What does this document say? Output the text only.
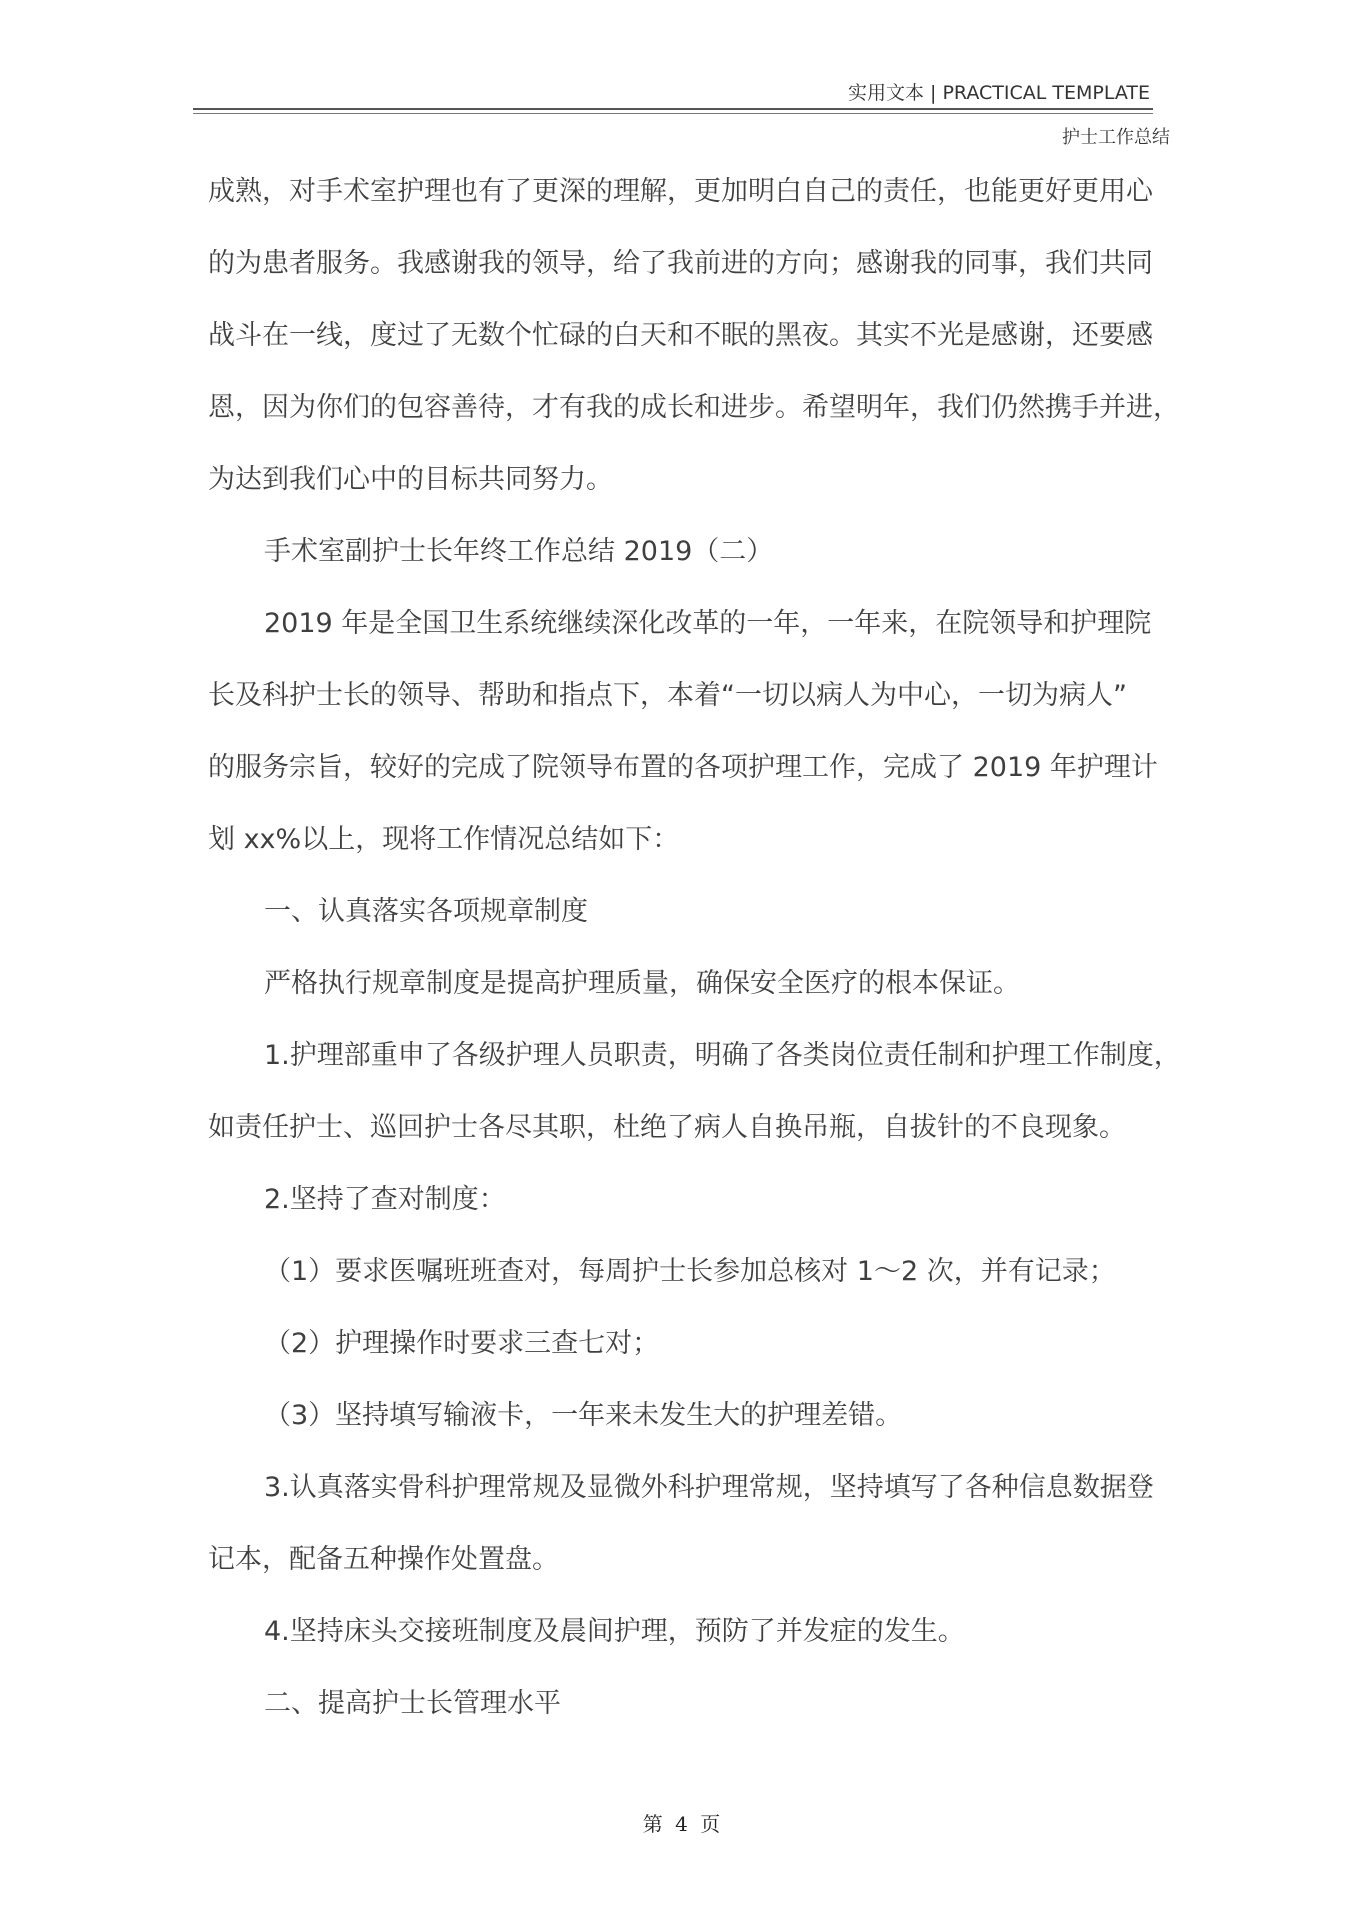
实用文本 | PRACTICAL TEMPLATE
护士工作总结

成熟，对手术室护理也有了更深的理解，更加明白自己的责任，也能更好更用心

的为患者服务。我感谢我的领导，给了我前进的方向；感谢我的同事，我们共同

战斗在一线，度过了无数个忙碌的白天和不眠的黑夜。其实不光是感谢，还要感

恩，因为你们的包容善待，才有我的成长和进步。希望明年，我们仍然携手并进，

为达到我们心中的目标共同努力。

手术室副护士长年终工作总结 2019（二）

2019 年是全国卫生系统继续深化改革的一年，一年来，在院领导和护理院

长及科护士长的领导、帮助和指点下，本着“一切以病人为中心，一切为病人”

的服务宗旨，较好的完成了院领导布置的各项护理工作，完成了 2019 年护理计

划 xx%以上，现将工作情况总结如下：

一、认真落实各项规章制度

严格执行规章制度是提高护理质量，确保安全医疗的根本保证。

1.护理部重申了各级护理人员职责，明确了各类岗位责任制和护理工作制度，

如责任护士、巡回护士各尽其职，杜绝了病人自换吊瓶，自拔针的不良现象。

2.坚持了查对制度：

（1）要求医嘱班班查对，每周护士长参加总核对 1～2 次，并有记录；

（2）护理操作时要求三查七对；

（3）坚持填写输液卡，一年来未发生大的护理差错。

3.认真落实骨科护理常规及显微外科护理常规，坚持填写了各种信息数据登

记本，配备五种操作处置盘。

4.坚持床头交接班制度及晨间护理，预防了并发症的发生。

二、提高护士长管理水平

第 4 页
